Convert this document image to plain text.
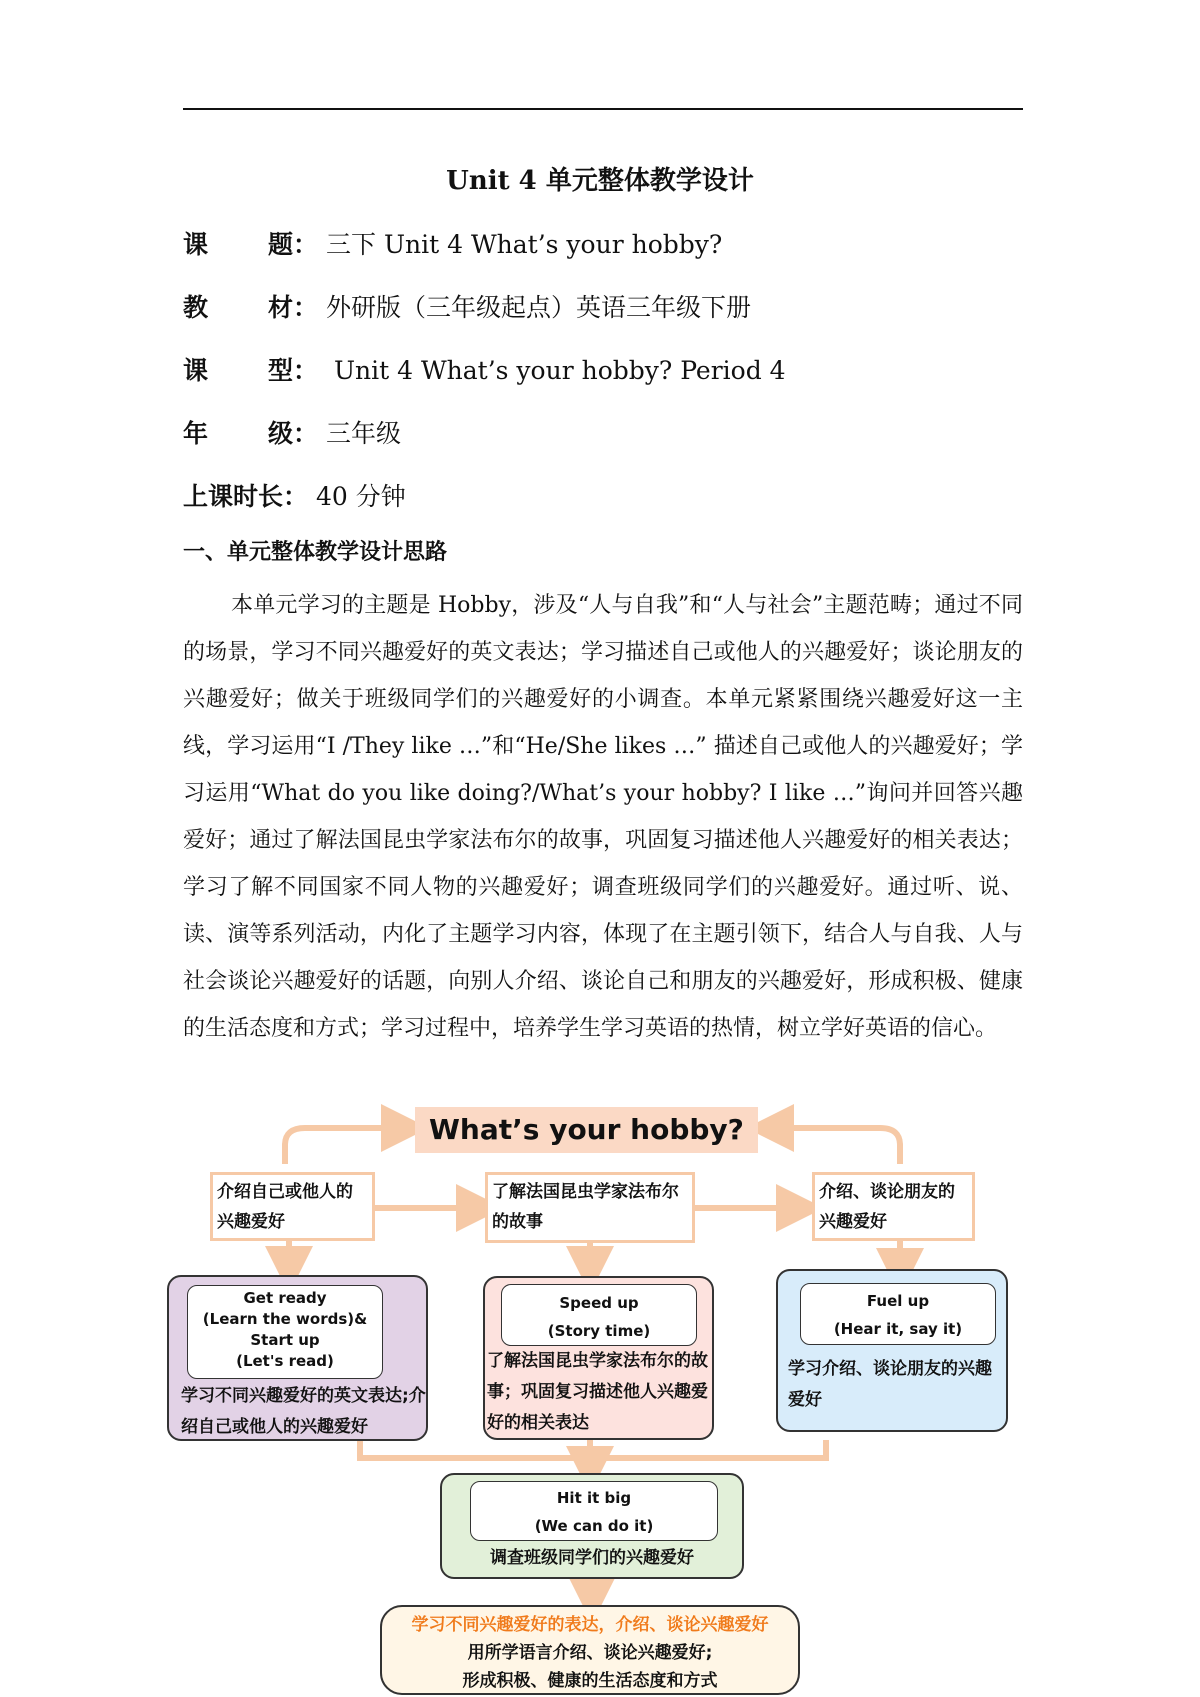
Unit 4 单元整体教学设计
课 题： 三下 Unit 4 What’s your hobby?
教 材： 外研版（三年级起点）英语三年级下册
课 型： Unit 4 What’s your hobby? Period 4
年 级： 三年级
上课时长： 40 分钟
一、单元整体教学设计思路
本单元学习的主题是 Hobby，涉及“人与自我”和“人与社会”主题范畴；通过不同的场景，学习不同兴趣爱好的英文表达；学习描述自己或他人的兴趣爱好；谈论朋友的兴趣爱好；做关于班级同学们的兴趣爱好的小调查。本单元紧紧围绕兴趣爱好这一主线，学习运用“I /They like …”和“He/She likes …” 描述自己或他人的兴趣爱好；学习运用“What do you like doing?/What’s your hobby? I like …”询问并回答兴趣爱好；通过了解法国昆虫学家法布尔的故事，巩固复习描述他人兴趣爱好的相关表达；学习了解不同国家不同人物的兴趣爱好；调查班级同学们的兴趣爱好。通过听、说、读、演等系列活动，内化了主题学习内容，体现了在主题引领下，结合人与自我、人与社会谈论兴趣爱好的话题，向别人介绍、谈论自己和朋友的兴趣爱好，形成积极、健康的生活态度和方式；学习过程中，培养学生学习英语的热情，树立学好英语的信心。
What’s your hobby?
介绍自己或他人的兴趣爱好
了解法国昆虫学家法布尔的故事
介绍、谈论朋友的兴趣爱好
Get ready
(Learn the words)&
Start up
(Let's read)
学习不同兴趣爱好的英文表达;介绍自己或他人的兴趣爱好
Speed up
(Story time)
了解法国昆虫学家法布尔的故事；巩固复习描述他人兴趣爱好的相关表达
Fuel up
(Hear it, say it)
学习介绍、谈论朋友的兴趣爱好
Hit it big
(We can do it)
调查班级同学们的兴趣爱好
学习不同兴趣爱好的表达，介绍、谈论兴趣爱好
用所学语言介绍、谈论兴趣爱好;
形成积极、健康的生活态度和方式
